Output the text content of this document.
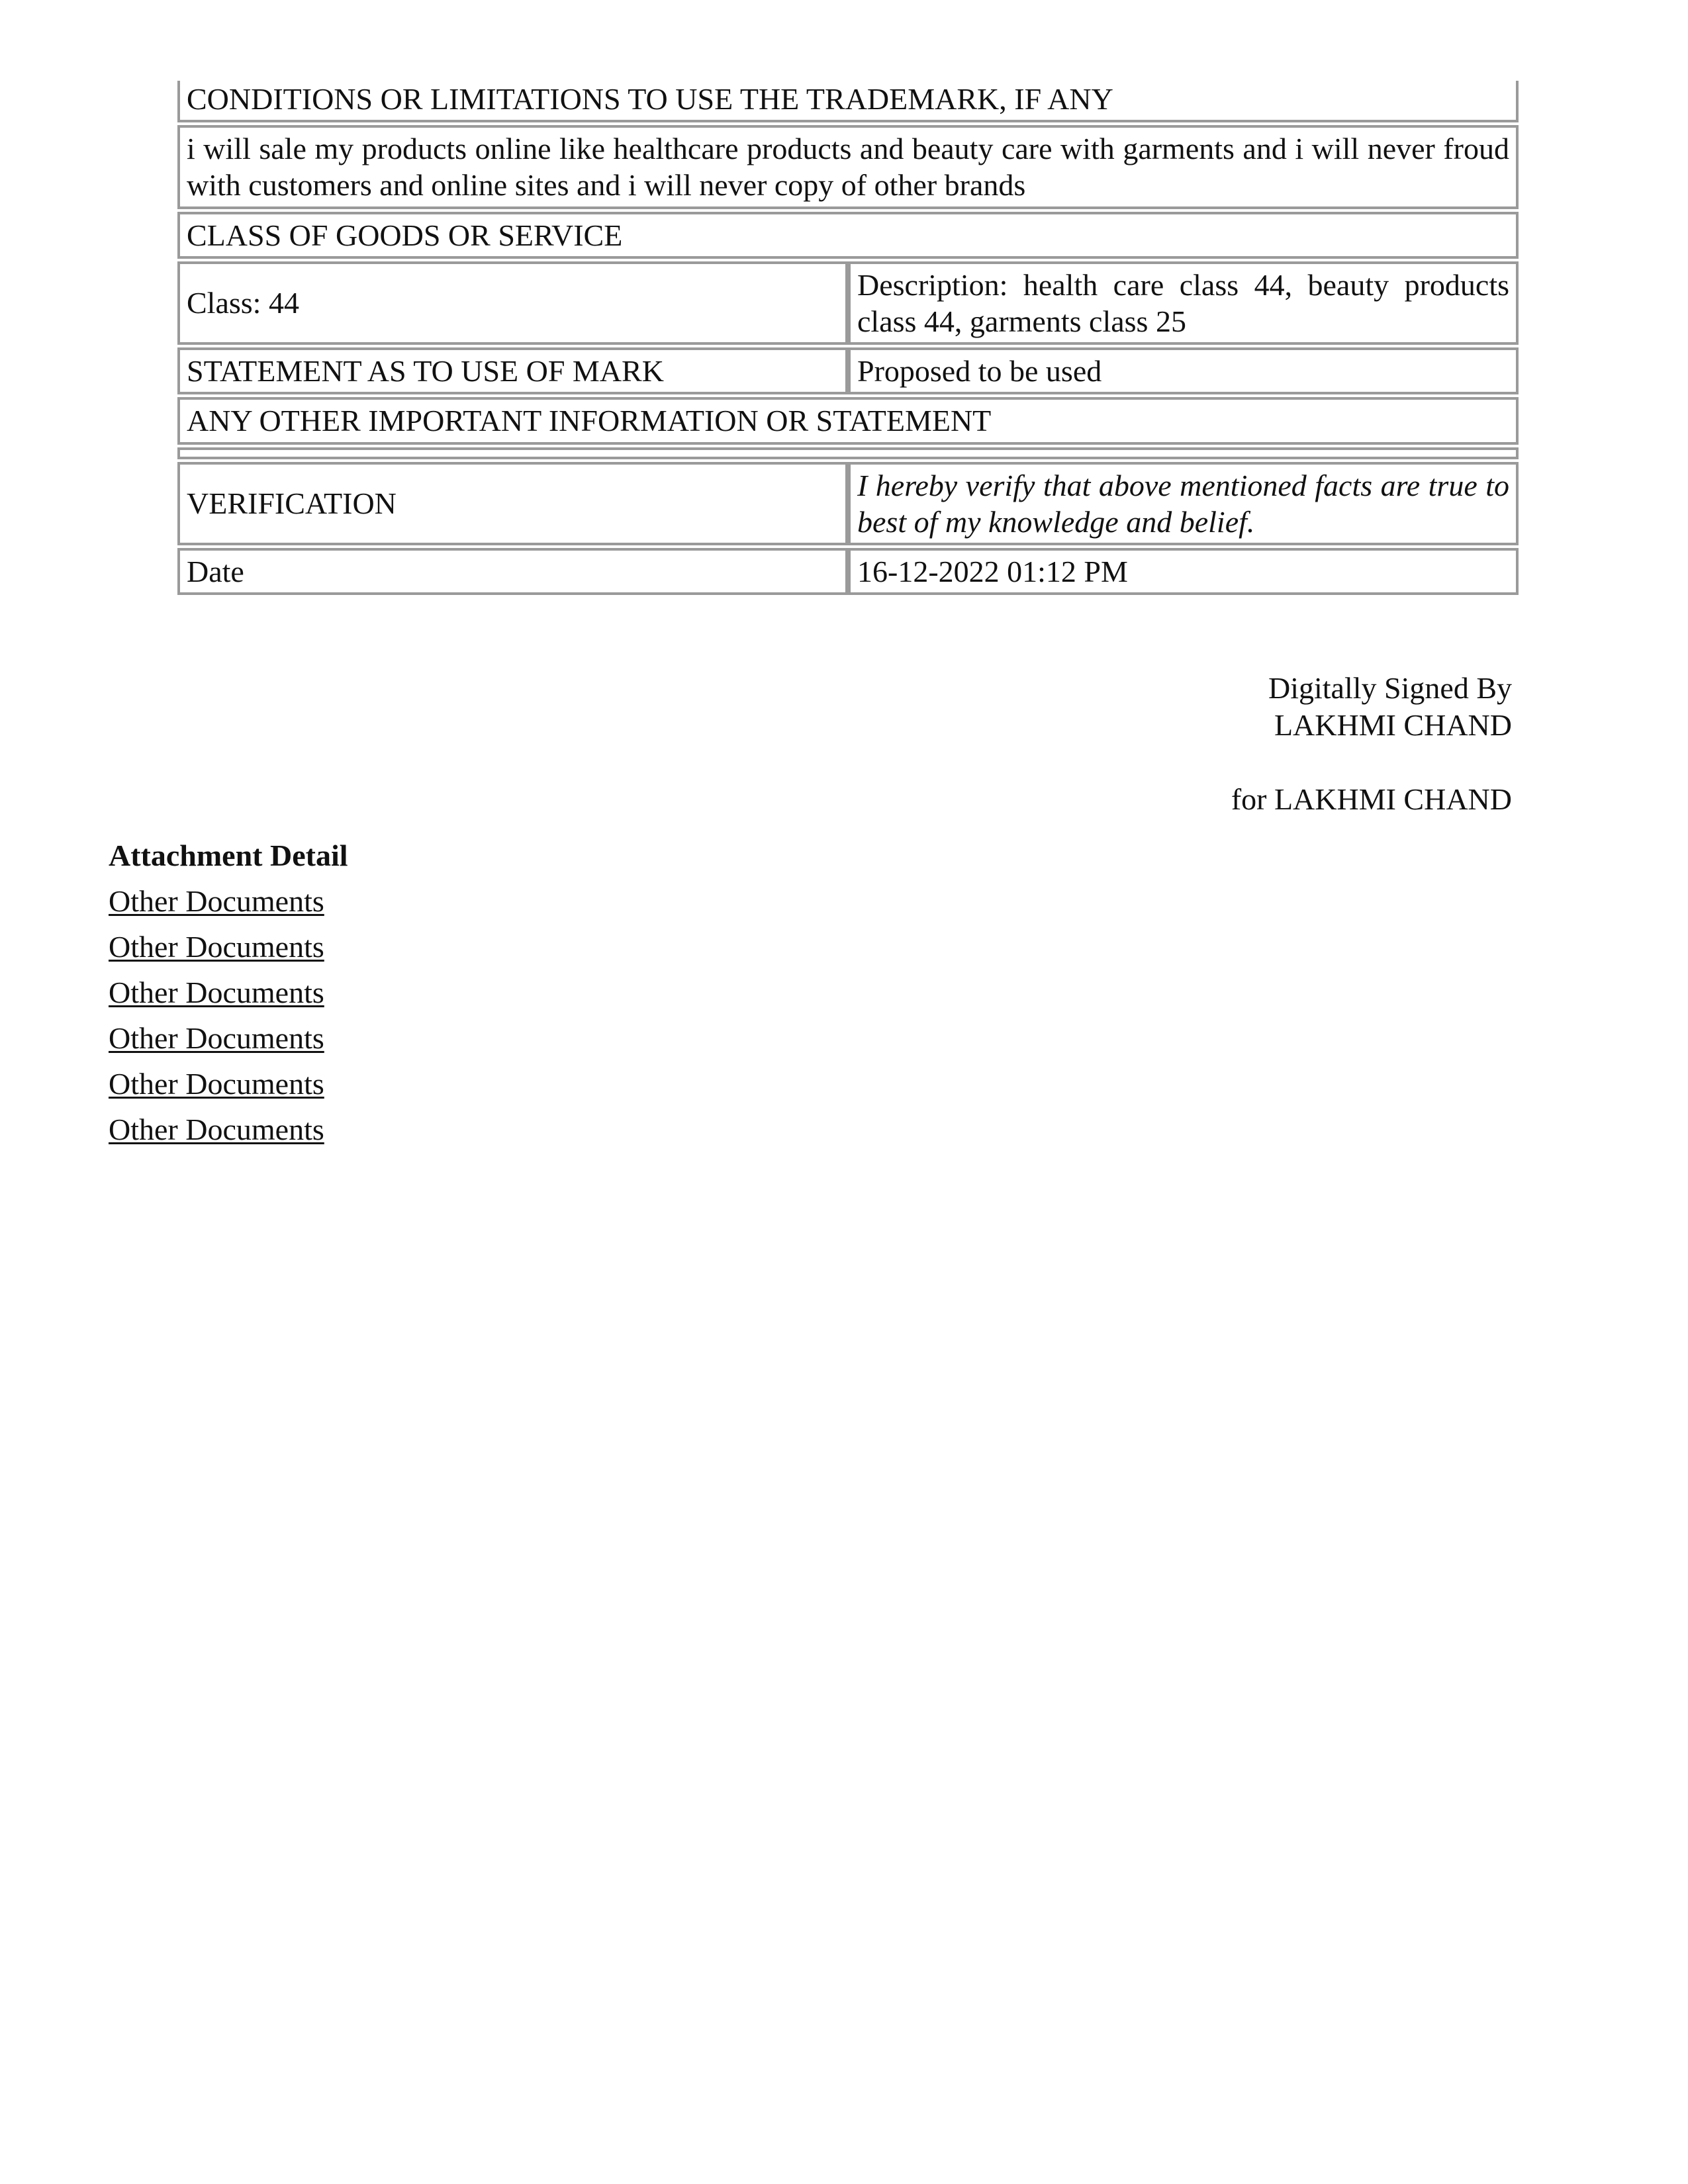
CONDITIONS OR LIMITATIONS TO USE THE TRADEMARK, IF ANY	
i will sale my products online like healthcare products and beauty care with garments and i will never froud with customers and online sites and i will never copy of other brands	
CLASS OF GOODS OR SERVICE	
Class: 44	Description: health care class 44, beauty products class 44, garments class 25
STATEMENT AS TO USE OF MARK	Proposed to be used
ANY OTHER IMPORTANT INFORMATION OR STATEMENT	

VERIFICATION	I hereby verify that above mentioned facts are true to best of my knowledge and belief.
Date	16-12-2022 01:12 PM
Digitally Signed By
LAKHMI CHAND
for LAKHMI CHAND
Attachment Detail
Other Documents
Other Documents
Other Documents
Other Documents
Other Documents
Other Documents
